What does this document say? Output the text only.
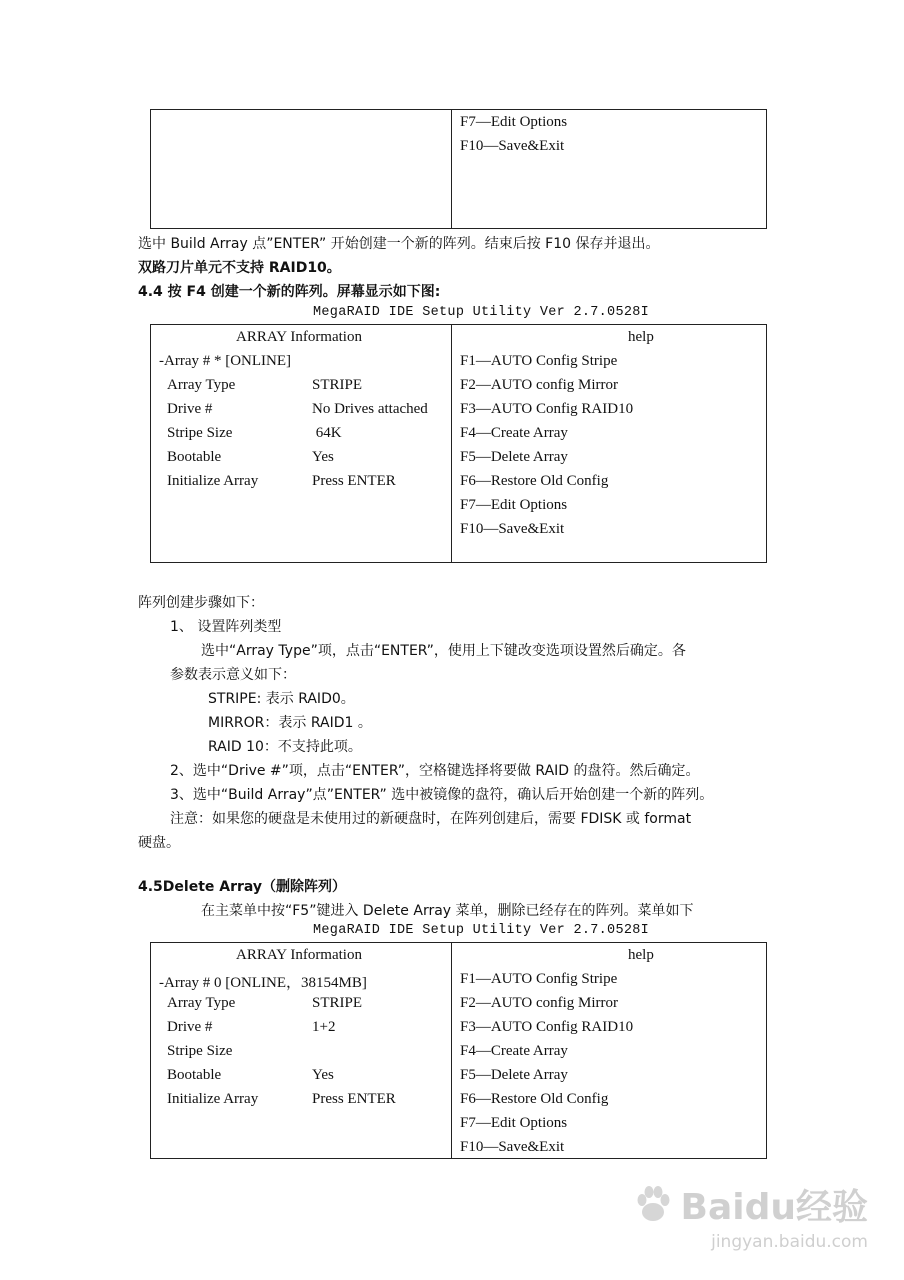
F7—Edit Options
F10—Save&Exit
选中 Build Array 点”ENTER” 开始创建一个新的阵列。结束后按 F10 保存并退出。
双路刀片单元不支持 RAID10。
4.4 按 F4 创建一个新的阵列。屏幕显示如下图:
MegaRAID IDE Setup Utility Ver 2.7.0528I
ARRAY Information
-Array # * [ONLINE]
Array Type	STRIPE
Drive #	No Drives attached
Stripe Size	64K
Bootable	Yes
Initialize Array	Press ENTER
help
F1—AUTO Config Stripe
F2—AUTO config Mirror
F3—AUTO Config RAID10
F4—Create Array
F5—Delete Array
F6—Restore Old Config
F7—Edit Options
F10—Save&Exit
阵列创建步骤如下：
1、 设置阵列类型
选中“Array Type”项，点击“ENTER”，使用上下键改变选项设置然后确定。各
参数表示意义如下：
STRIPE: 表示 RAID0。
MIRROR：表示 RAID1 。
RAID 10：不支持此项。
2、选中“Drive #”项，点击“ENTER”，空格键选择将要做 RAID 的盘符。然后确定。
3、选中“Build Array”点”ENTER” 选中被镜像的盘符，确认后开始创建一个新的阵列。
注意：如果您的硬盘是未使用过的新硬盘时，在阵列创建后，需要 FDISK 或 format
硬盘。
4.5Delete Array（删除阵列）
在主菜单中按“F5”键进入 Delete Array 菜单，删除已经存在的阵列。菜单如下
MegaRAID IDE Setup Utility Ver 2.7.0528I
ARRAY Information
-Array # 0 [ONLINE，38154MB]
Array Type	STRIPE
Drive #	1+2
Stripe Size
Bootable	Yes
Initialize Array	Press ENTER
help
F1—AUTO Config Stripe
F2—AUTO config Mirror
F3—AUTO Config RAID10
F4—Create Array
F5—Delete Array
F6—Restore Old Config
F7—Edit Options
F10—Save&Exit
Baidu经验
jingyan.baidu.com
